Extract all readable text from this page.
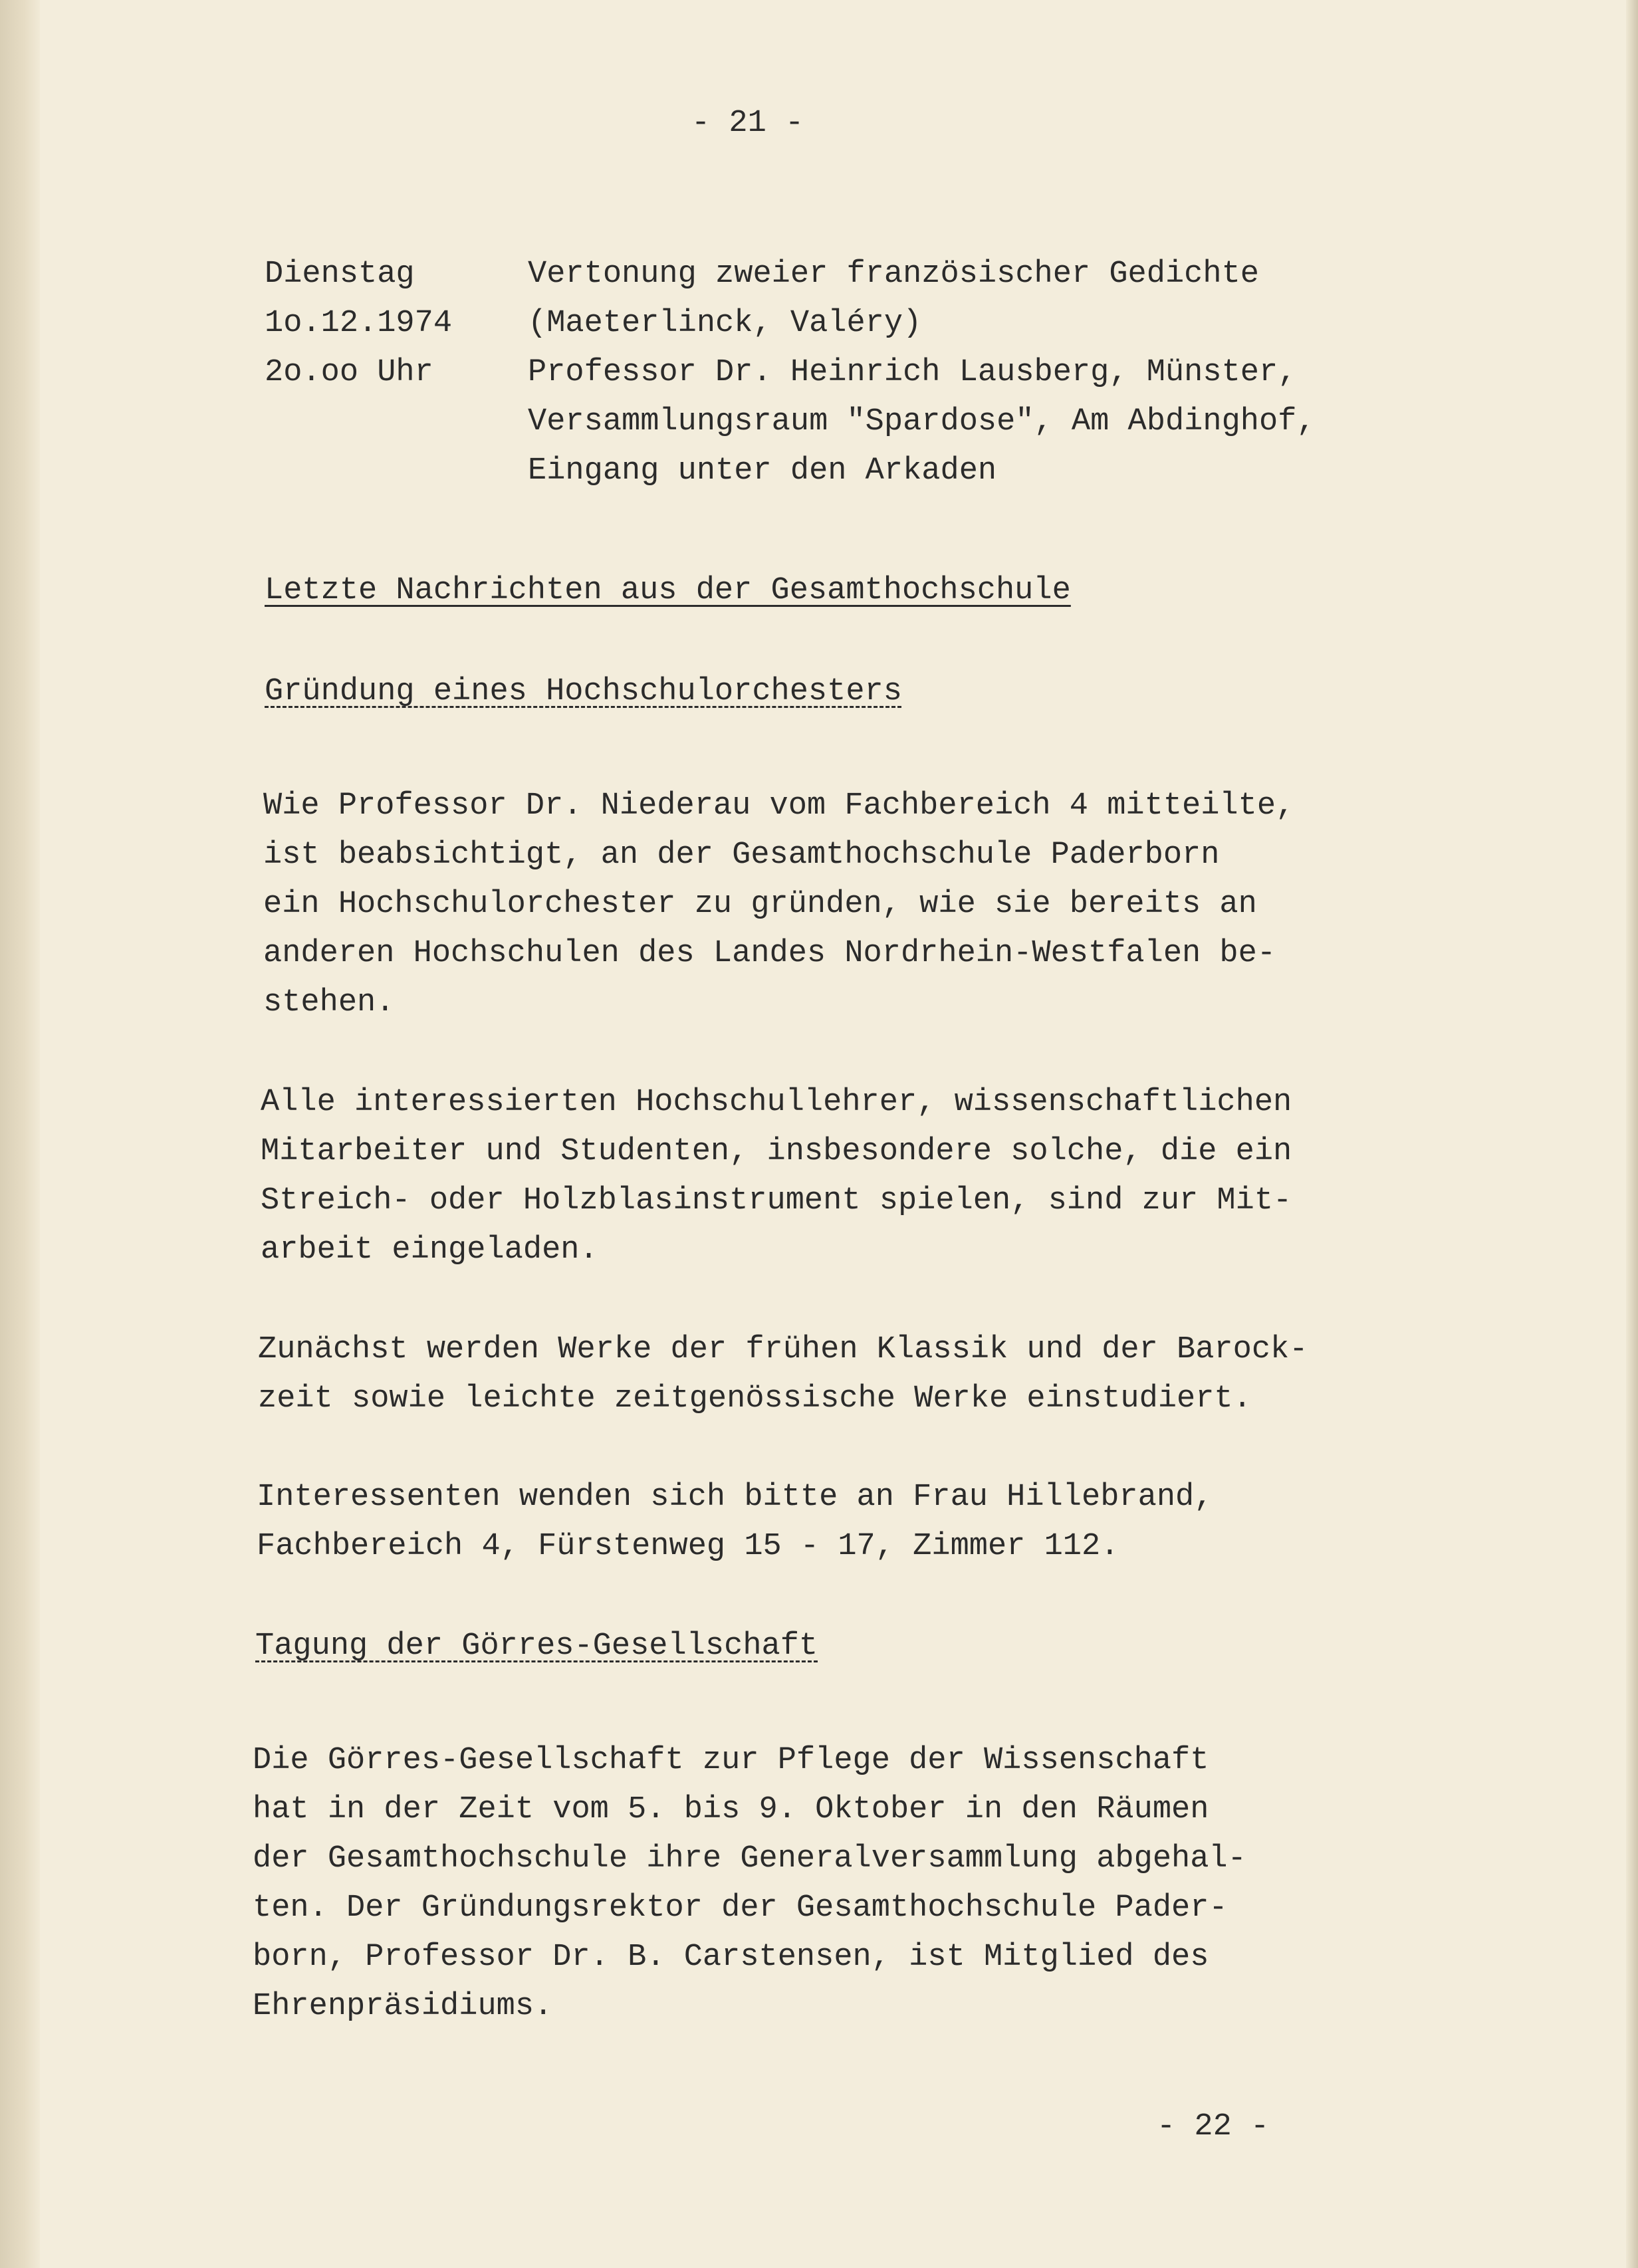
- 21 -

Dienstag

1o.12.1974

2o.oo Uhr

Vertonung zweier französischer Gedichte

(Maeterlinck, Valéry)

Professor Dr. Heinrich Lausberg, Münster,

Versammlungsraum "Spardose", Am Abdinghof,

Eingang unter den Arkaden

Letzte Nachrichten aus der Gesamthochschule

Gründung eines Hochschulorchesters

Wie Professor Dr. Niederau vom Fachbereich 4 mitteilte,

ist beabsichtigt, an der Gesamthochschule Paderborn

ein Hochschulorchester zu gründen, wie sie bereits an

anderen Hochschulen des Landes Nordrhein-Westfalen be-

stehen.

Alle interessierten Hochschullehrer, wissenschaftlichen

Mitarbeiter und Studenten, insbesondere solche, die ein

Streich- oder Holzblasinstrument spielen, sind zur Mit-

arbeit eingeladen.

Zunächst werden Werke der frühen Klassik und der Barock-

zeit sowie leichte zeitgenössische Werke einstudiert.

Interessenten wenden sich bitte an Frau Hillebrand,

Fachbereich 4, Fürstenweg 15 - 17, Zimmer 112.

Tagung der Görres-Gesellschaft

Die Görres-Gesellschaft zur Pflege der Wissenschaft

hat in der Zeit vom 5. bis 9. Oktober in den Räumen

der Gesamthochschule ihre Generalversammlung abgehal-

ten. Der Gründungsrektor der Gesamthochschule Pader-

born, Professor Dr. B. Carstensen, ist Mitglied des

Ehrenpräsidiums.

- 22 -
